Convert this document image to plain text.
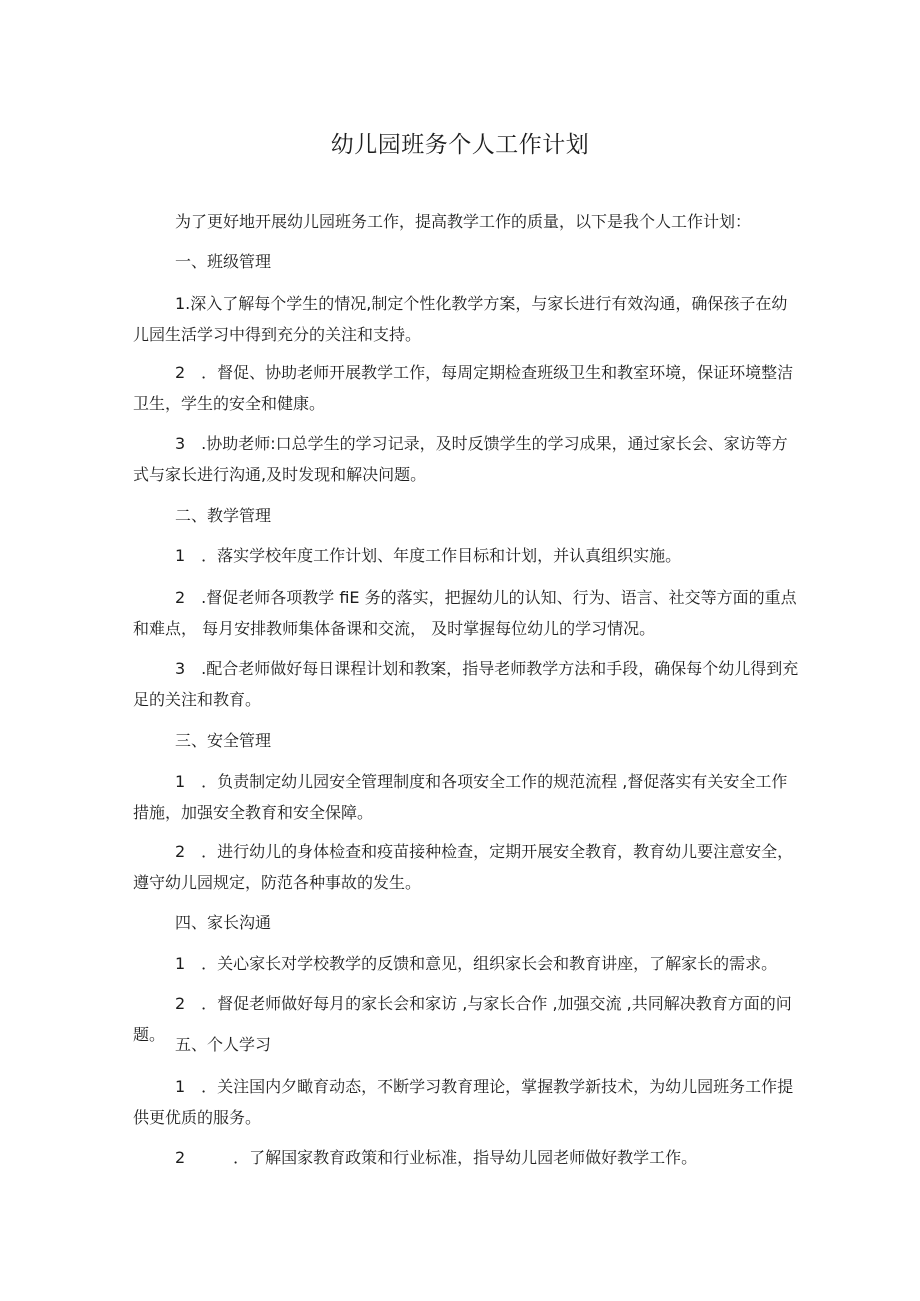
幼儿园班务个人工作计划
为了更好地开展幼儿园班务工作，提高教学工作的质量，以下是我个人工作计划：
一、班级管理
1.深入了解每个学生的情况,制定个性化教学方案，与家长进行有效沟通，确保孩子在幼儿园生活学习中得到充分的关注和支持。
2　．督促、协助老师开展教学工作，每周定期检查班级卫生和教室环境，保证环境整洁卫生，学生的安全和健康。
3　.协助老师:口总学生的学习记录，及时反馈学生的学习成果，通过家长会、家访等方式与家长进行沟通,及时发现和解决问题。
二、教学管理
1　．落实学校年度工作计划、年度工作目标和计划，并认真组织实施。
2　.督促老师各项教学 fiE 务的落实，把握幼儿的认知、行为、语言、社交等方面的重点和难点， 每月安排教师集体备课和交流， 及时掌握每位幼儿的学习情况。
3　.配合老师做好每日课程计划和教案，指导老师教学方法和手段，确保每个幼儿得到充足的关注和教育。
三、安全管理
1　．负责制定幼儿园安全管理制度和各项安全工作的规范流程 ,督促落实有关安全工作措施，加强安全教育和安全保障。
2　．进行幼儿的身体检查和疫苗接种检查，定期开展安全教育，教育幼儿要注意安全，遵守幼儿园规定，防范各种事故的发生。
四、家长沟通
1　．关心家长对学校教学的反馈和意见，组织家长会和教育讲座，了解家长的需求。
2　．督促老师做好每月的家长会和家访 ,与家长合作 ,加强交流 ,共同解决教育方面的问题。
五、个人学习
1　．关注国内夕瞰育动态，不断学习教育理论，掌握教学新技术，为幼儿园班务工作提供更优质的服务。
2　　　．了解国家教育政策和行业标准，指导幼儿园老师做好教学工作。
